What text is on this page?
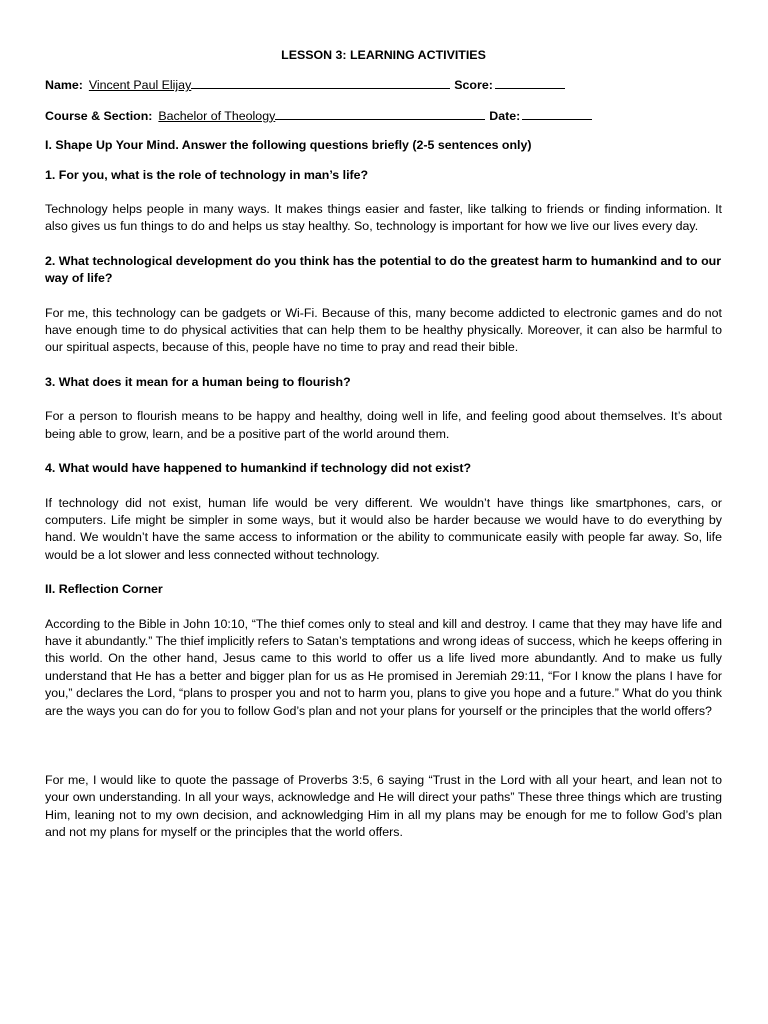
LESSON 3: LEARNING ACTIVITIES
Name: Vincent Paul Elijay	Score:
Course & Section: Bachelor of Theology	Date:
I. Shape Up Your Mind. Answer the following questions briefly (2-5 sentences only)
1. For you, what is the role of technology in man’s life?
Technology helps people in many ways. It makes things easier and faster, like talking to friends or finding information. It also gives us fun things to do and helps us stay healthy. So, technology is important for how we live our lives every day.
2. What technological development do you think has the potential to do the greatest harm to humankind and to our way of life?
For me, this technology can be gadgets or Wi-Fi. Because of this, many become addicted to electronic games and do not have enough time to do physical activities that can help them to be healthy physically. Moreover, it can also be harmful to our spiritual aspects, because of this, people have no time to pray and read their bible.
3. What does it mean for a human being to flourish?
For a person to flourish means to be happy and healthy, doing well in life, and feeling good about themselves. It’s about being able to grow, learn, and be a positive part of the world around them.
4. What would have happened to humankind if technology did not exist?
If technology did not exist, human life would be very different. We wouldn’t have things like smartphones, cars, or computers. Life might be simpler in some ways, but it would also be harder because we would have to do everything by hand. We wouldn’t have the same access to information or the ability to communicate easily with people far away. So, life would be a lot slower and less connected without technology.
II. Reflection Corner
According to the Bible in John 10:10, “The thief comes only to steal and kill and destroy. I came that they may have life and have it abundantly.” The thief implicitly refers to Satan’s temptations and wrong ideas of success, which he keeps offering in this world. On the other hand, Jesus came to this world to offer us a life lived more abundantly. And to make us fully understand that He has a better and bigger plan for us as He promised in Jeremiah 29:11, “For I know the plans I have for you,” declares the Lord, “plans to prosper you and not to harm you, plans to give you hope and a future.” What do you think are the ways you can do for you to follow God’s plan and not your plans for yourself or the principles that the world offers?
For me, I would like to quote the passage of Proverbs 3:5, 6 saying “Trust in the Lord with all your heart, and lean not to your own understanding. In all your ways, acknowledge and He will direct your paths” These three things which are trusting Him, leaning not to my own decision, and acknowledging Him in all my plans may be enough for me to follow God’s plan and not my plans for myself or the principles that the world offers.
